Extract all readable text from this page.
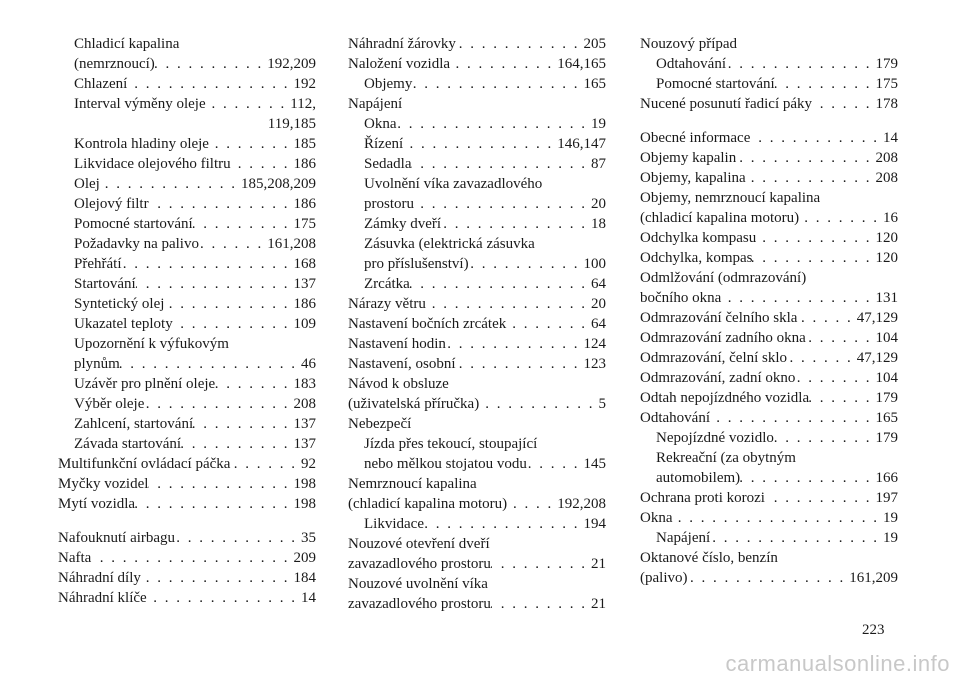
Chladicí kapalina
(nemrznoucí) . . .	192,209
Chlazení . . .	192
Interval výměny oleje . . .	112,
119,185
Kontrola hladiny oleje . . .	185
Likvidace olejového filtru . . .	186
Olej . . .	185,208,209
Olejový filtr . . .	186
Pomocné startování . . .	175
Požadavky na palivo . . .	161,208
Přehřátí . . .	168
Startování . . .	137
Syntetický olej . . .	186
Ukazatel teploty . . .	109
Upozornění k výfukovým
plynům . . .	46
Uzávěr pro plnění oleje . . .	183
Výběr oleje . . .	208
Zahlcení, startování . . .	137
Závada startování . . .	137
Multifunkční ovládací páčka . . .	92
Myčky vozidel . . .	198
Mytí vozidla . . .	198
Nafouknutí airbagu . . .	35
Nafta . . .	209
Náhradní díly . . .	184
Náhradní klíče . . .	14
Náhradní žárovky . . .	205
Naložení vozidla . . .	164,165
Objemy . . .	165
Napájení
Okna . . .	19
Řízení . . .	146,147
Sedadla . . .	87
Uvolnění víka zavazadlového
prostoru . . .	20
Zámky dveří . . .	18
Zásuvka (elektrická zásuvka
pro příslušenství) . . .	100
Zrcátka . . .	64
Nárazy větru . . .	20
Nastavení bočních zrcátek . . .	64
Nastavení hodin . . .	124
Nastavení, osobní . . .	123
Návod k obsluze
(uživatelská příručka) . . .	5
Nebezpečí
Jízda přes tekoucí, stoupající
nebo mělkou stojatou vodu . . .	145
Nemrznoucí kapalina
(chladicí kapalina motoru) . . .	192,208
Likvidace . . .	194
Nouzové otevření dveří
zavazadlového prostoru . . .	21
Nouzové uvolnění víka
zavazadlového prostoru . . .	21
Nouzový případ
Odtahování . . .	179
Pomocné startování . . .	175
Nucené posunutí řadicí páky . . .	178
Obecné informace . . .	14
Objemy kapalin . . .	208
Objemy, kapalina . . .	208
Objemy, nemrznoucí kapalina
(chladicí kapalina motoru) . . .	16
Odchylka kompasu . . .	120
Odchylka, kompas . . .	120
Odmlžování (odmrazování)
bočního okna . . .	131
Odmrazování čelního skla . . .	47,129
Odmrazování zadního okna . . .	104
Odmrazování, čelní sklo . . .	47,129
Odmrazování, zadní okno . . .	104
Odtah nepojízdného vozidla . . .	179
Odtahování . . .	165
Nepojízdné vozidlo . . .	179
Rekreační (za obytným
automobilem) . . .	166
Ochrana proti korozi . . .	197
Okna . . .	19
Napájení . . .	19
Oktanové číslo, benzín
(palivo) . . .	161,209
223
carmanualsonline.info
